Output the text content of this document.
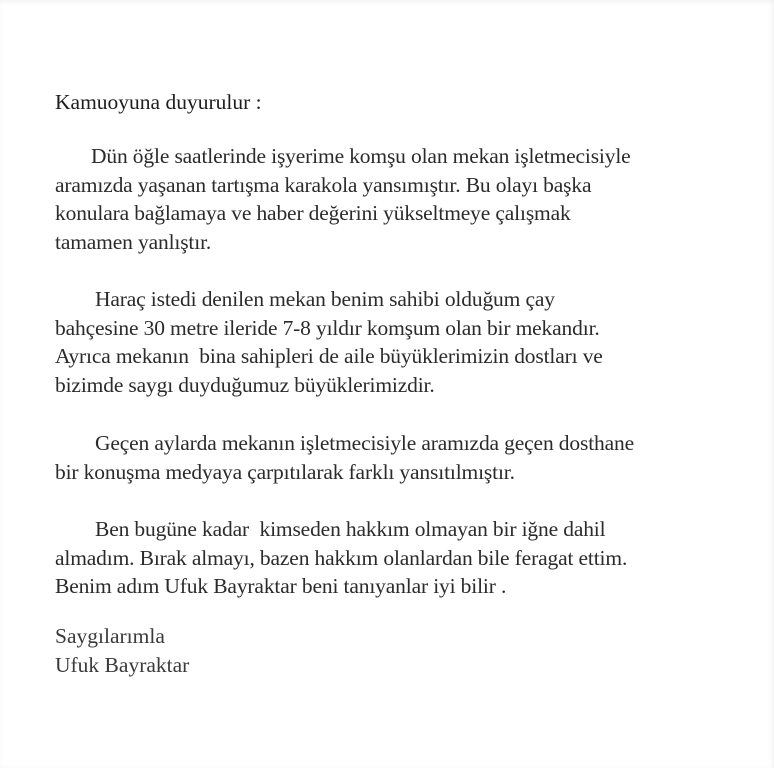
Kamuoyuna duyurulur :
Dün öğle saatlerinde işyerime komşu olan mekan işletmecisiyle
aramızda yaşanan tartışma karakola yansımıştır. Bu olayı başka
konulara bağlamaya ve haber değerini yükseltmeye çalışmak
tamamen yanlıştır.
Haraç istedi denilen mekan benim sahibi olduğum çay
bahçesine 30 metre ileride 7-8 yıldır komşum olan bir mekandır.
Ayrıca mekanın  bina sahipleri de aile büyüklerimizin dostları ve
bizimde saygı duyduğumuz büyüklerimizdir.
Geçen aylarda mekanın işletmecisiyle aramızda geçen dosthane
bir konuşma medyaya çarpıtılarak farklı yansıtılmıştır.
Ben bugüne kadar  kimseden hakkım olmayan bir iğne dahil
almadım. Bırak almayı, bazen hakkım olanlardan bile feragat ettim.
Benim adım Ufuk Bayraktar beni tanıyanlar iyi bilir .
Saygılarımla
Ufuk Bayraktar
